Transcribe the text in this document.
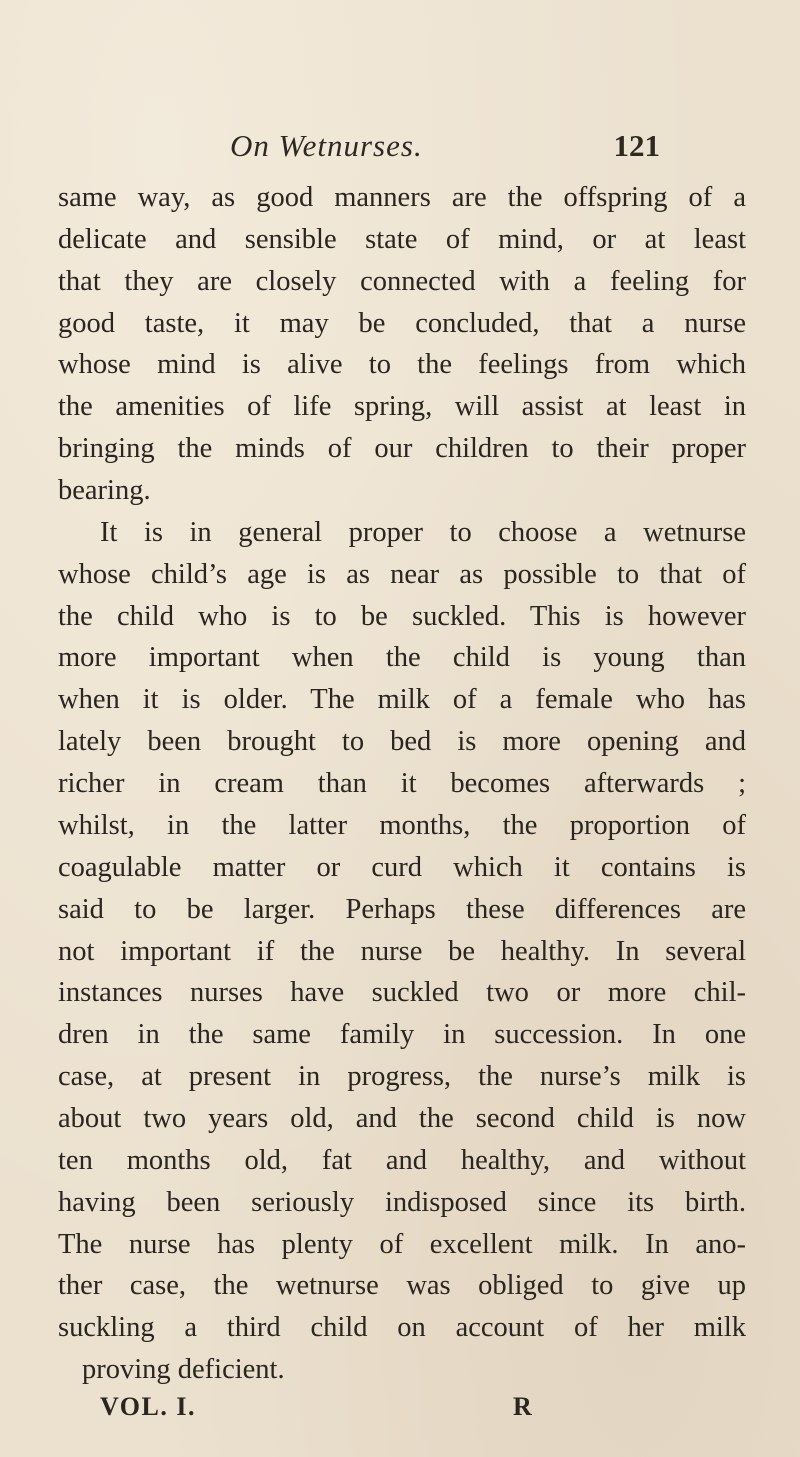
On Wetnurses.	121
same way, as good manners are the offspring of a
delicate and sensible state of mind, or at least
that they are closely connected with a feeling for
good taste, it may be concluded, that a nurse
whose mind is alive to the feelings from which
the amenities of life spring, will assist at least in
bringing the minds of our children to their proper
bearing.
It is in general proper to choose a wetnurse
whose child’s age is as near as possible to that of
the child who is to be suckled. This is however
more important when the child is young than
when it is older. The milk of a female who has
lately been brought to bed is more opening and
richer in cream than it becomes afterwards ;
whilst, in the latter months, the proportion of
coagulable matter or curd which it contains is
said to be larger. Perhaps these differences are
not important if the nurse be healthy. In several
instances nurses have suckled two or more chil-
dren in the same family in succession. In one
case, at present in progress, the nurse’s milk is
about two years old, and the second child is now
ten months old, fat and healthy, and without
having been seriously indisposed since its birth.
The nurse has plenty of excellent milk. In ano-
ther case, the wetnurse was obliged to give up
suckling a third child on account of her milk
proving deficient.
VOL. I.	R
